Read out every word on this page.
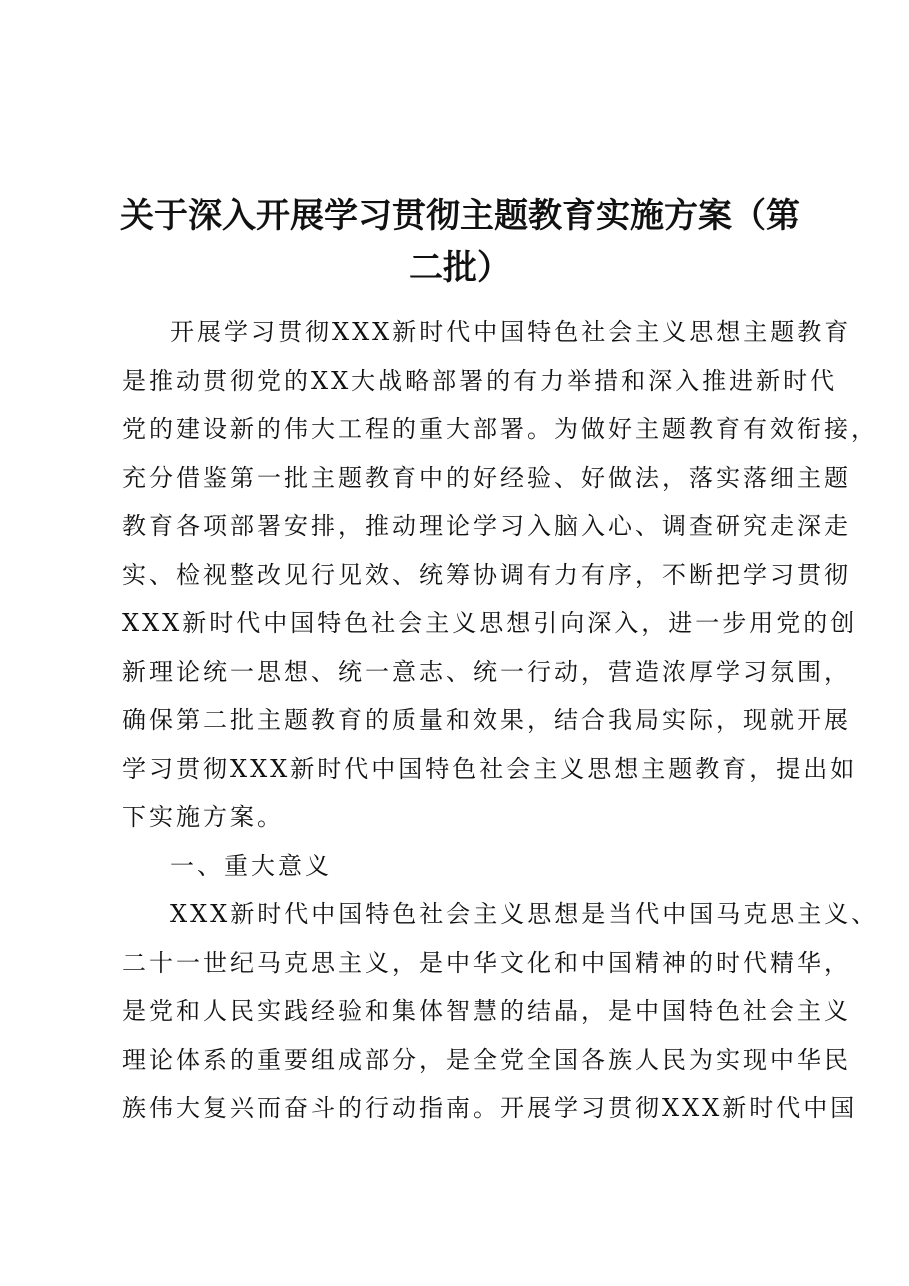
关于深入开展学习贯彻主题教育实施方案（第
二批）
开展学习贯彻XXX新时代中国特色社会主义思想主题教育
是推动贯彻党的XX大战略部署的有力举措和深入推进新时代
党的建设新的伟大工程的重大部署。为做好主题教育有效衔接，
充分借鉴第一批主题教育中的好经验、好做法，落实落细主题
教育各项部署安排，推动理论学习入脑入心、调查研究走深走
实、检视整改见行见效、统筹协调有力有序，不断把学习贯彻
XXX新时代中国特色社会主义思想引向深入，进一步用党的创
新理论统一思想、统一意志、统一行动，营造浓厚学习氛围，
确保第二批主题教育的质量和效果，结合我局实际，现就开展
学习贯彻XXX新时代中国特色社会主义思想主题教育，提出如
下实施方案。
一、重大意义
XXX新时代中国特色社会主义思想是当代中国马克思主义、
二十一世纪马克思主义，是中华文化和中国精神的时代精华，
是党和人民实践经验和集体智慧的结晶，是中国特色社会主义
理论体系的重要组成部分，是全党全国各族人民为实现中华民
族伟大复兴而奋斗的行动指南。开展学习贯彻XXX新时代中国
